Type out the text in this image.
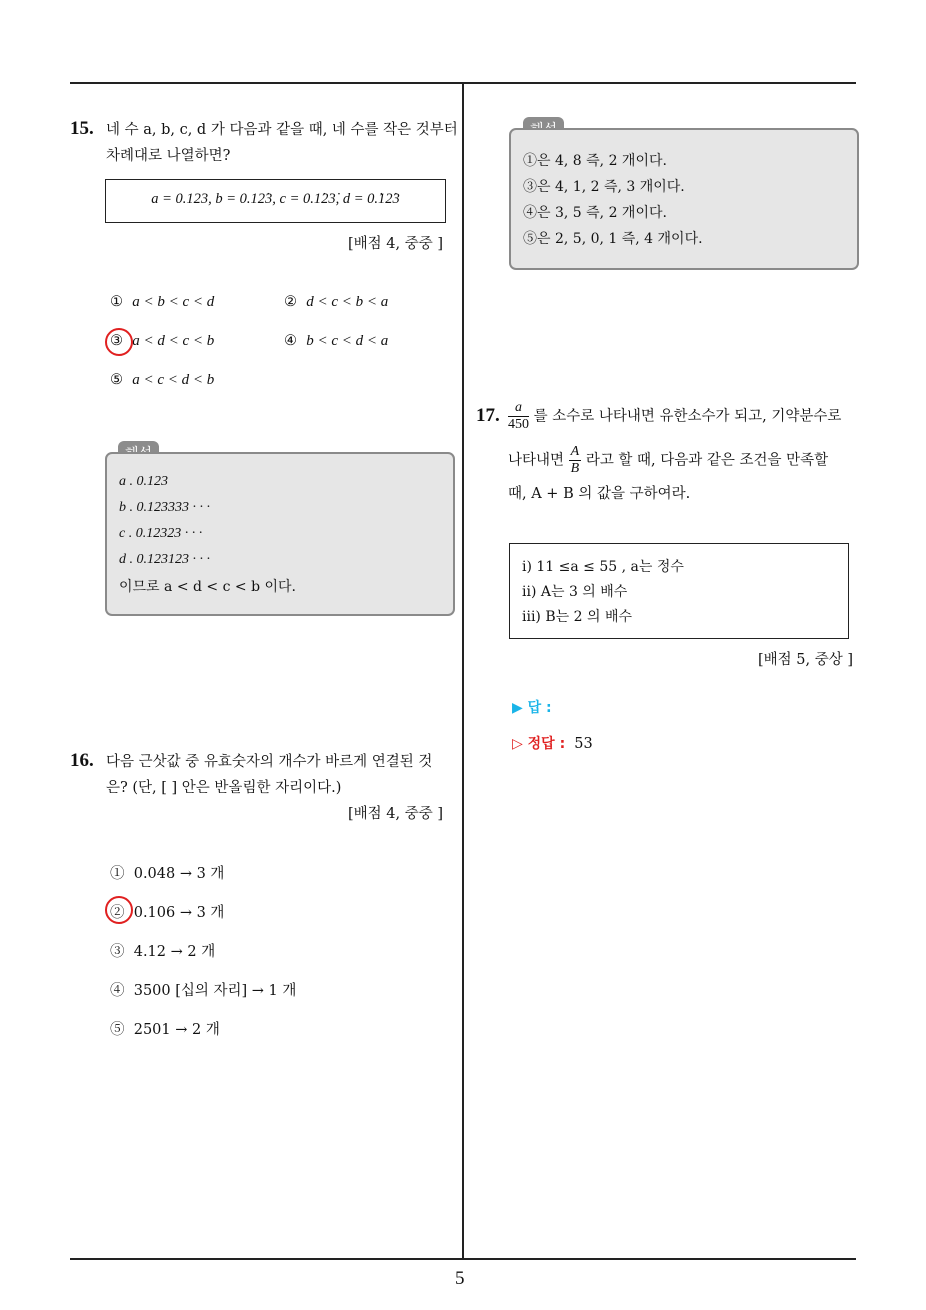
5
15. 네 수 a, b, c, d 가 다음과 같을 때, 네 수를 작은 것부터
차례대로 나열하면?
a = 0.123, b = 0.12̇3, c = 0.1̇23̇, d = 0.̇12̇3
[배점 4, 중중 ]
① a < b < c < d	② d < c < b < a
③ a < d < c < b	④ b < c < d < a
⑤ a < c < d < b
a . 0.123
b . 0.123333 · · ·
c . 0.12323 · · ·
d . 0.123123 · · ·
이므로 a < d < c < b 이다.
16. 다음 근삿값 중 유효숫자의 개수가 바르게 연결된 것
은? (단, [ ] 안은 반올림한 자리이다.)
[배점 4, 중중 ]
① 0.048 → 3 개
② 0.106 → 3 개
③ 4.12 → 2 개
④ 3500 [십의 자리] → 1 개
⑤ 2501 → 2 개
①은 4, 8 즉, 2 개이다.
③은 4, 1, 2 즉, 3 개이다.
④은 3, 5 즉, 2 개이다.
⑤은 2, 5, 0, 1 즉, 4 개이다.
17. $\frac{a}{450}$ 를 소수로 나타내면 유한소수가 되고, 기약분수로
나타내면 $\frac{A}{B}$ 라고 할 때, 다음과 같은 조건을 만족할
때, A + B 의 값을 구하여라.
i) 11 ≤a ≤ 55 , a는 정수
ii) A는 3 의 배수
iii) B는 2 의 배수
[배점 5, 중상 ]
▶ 답 :
▷ 정답 : 53
